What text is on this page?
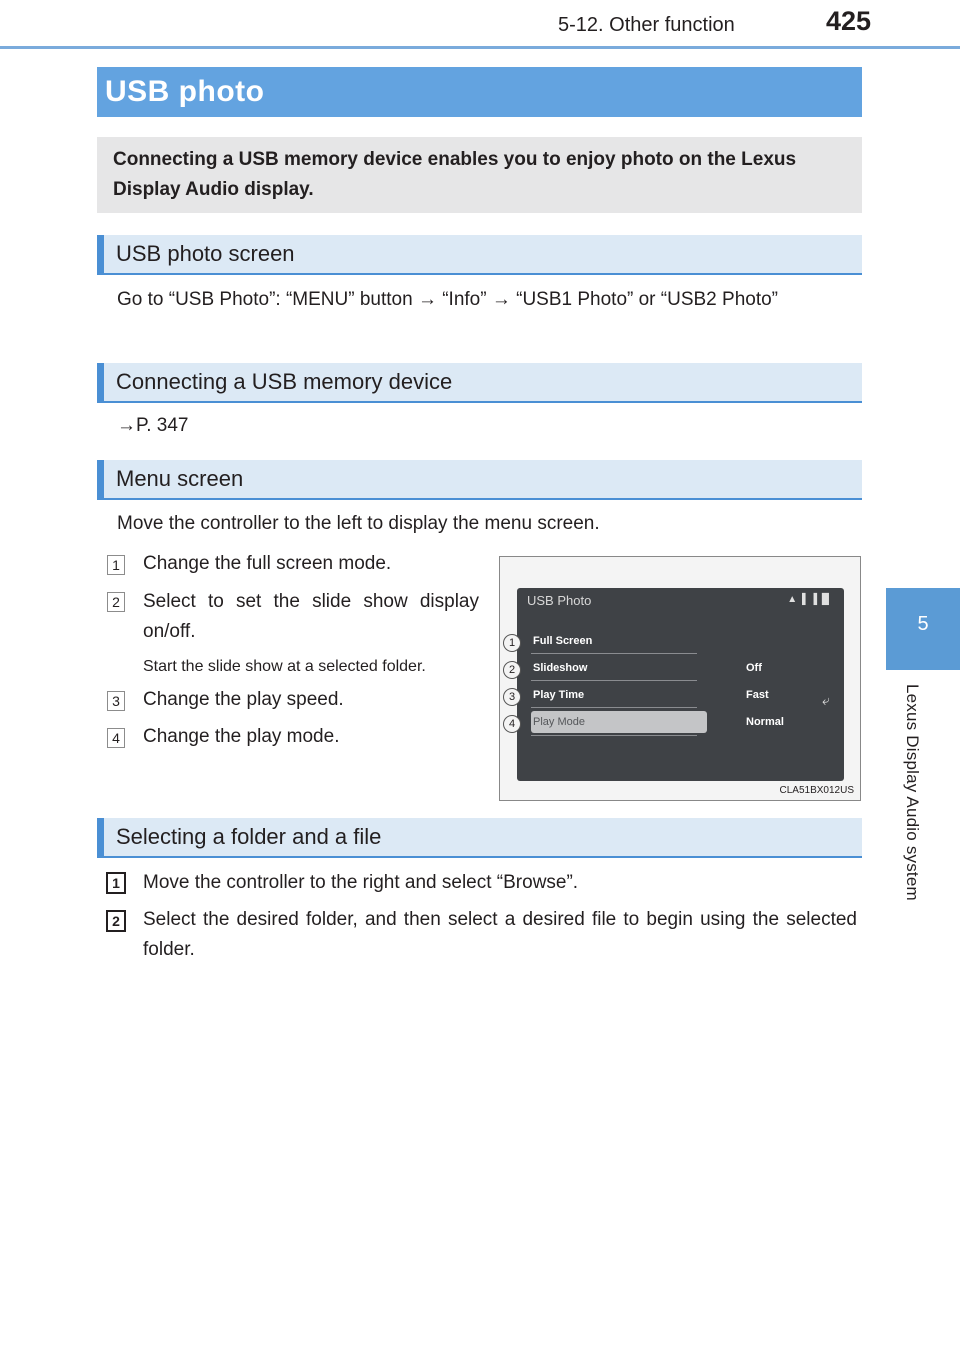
5-12. Other function	425
5
Lexus Display Audio system
USB photo
Connecting a USB memory device enables you to enjoy photo on the Lexus Display Audio display.
USB photo screen
Go to “USB Photo”: “MENU” button → “Info” → “USB1 Photo” or “USB2 Photo”
Connecting a USB memory device
→P. 347
Menu screen
Move the controller to the left to display the menu screen.
1 Change the full screen mode.
2 Select to set the slide show display on/off.
Start the slide show at a selected folder.
3 Change the play speed.
4 Change the play mode.
USB Photo	▲ ▌▐ █
Full Screen
Slideshow	Off
Play Time	Fast
Play Mode	Normal
⤶
1
2
3
4
CLA51BX012US
Selecting a folder and a file
1	Move the controller to the right and select “Browse”.
2	Select the desired folder, and then select a desired file to begin using the selected folder.
